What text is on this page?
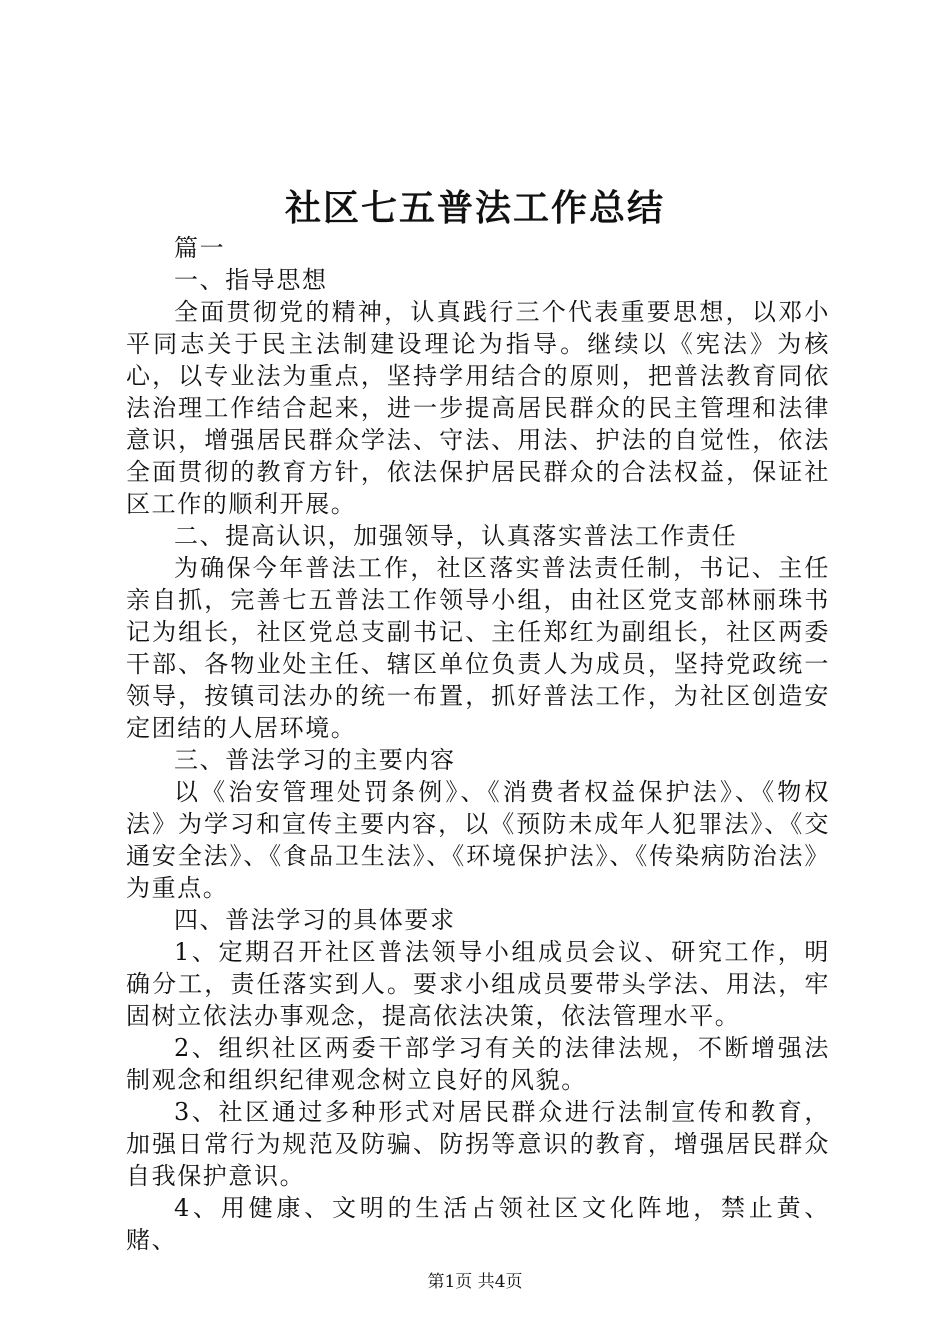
社区七五普法工作总结

篇一

一、指导思想

全面贯彻党的精神，认真践行三个代表重要思想，以邓小平同志关于民主法制建设理论为指导。继续以《宪法》为核心，以专业法为重点，坚持学用结合的原则，把普法教育同依法治理工作结合起来，进一步提高居民群众的民主管理和法律意识，增强居民群众学法、守法、用法、护法的自觉性，依法全面贯彻的教育方针，依法保护居民群众的合法权益，保证社区工作的顺利开展。

二、提高认识，加强领导，认真落实普法工作责任

为确保今年普法工作，社区落实普法责任制，书记、主任亲自抓，完善七五普法工作领导小组，由社区党支部林丽珠书记为组长，社区党总支副书记、主任郑红为副组长，社区两委干部、各物业处主任、辖区单位负责人为成员，坚持党政统一领导，按镇司法办的统一布置，抓好普法工作，为社区创造安定团结的人居环境。

三、普法学习的主要内容

以《治安管理处罚条例》、《消费者权益保护法》、《物权法》为学习和宣传主要内容，以《预防未成年人犯罪法》、《交通安全法》、《食品卫生法》、《环境保护法》、《传染病防治法》为重点。

四、普法学习的具体要求

1、定期召开社区普法领导小组成员会议、研究工作，明确分工，责任落实到人。要求小组成员要带头学法、用法，牢固树立依法办事观念，提高依法决策，依法管理水平。

2、组织社区两委干部学习有关的法律法规，不断增强法制观念和组织纪律观念树立良好的风貌。

3、社区通过多种形式对居民群众进行法制宣传和教育，加强日常行为规范及防骗、防拐等意识的教育，增强居民群众自我保护意识。

4、用健康、文明的生活占领社区文化阵地，禁止黄、赌、

第1页 共4页
